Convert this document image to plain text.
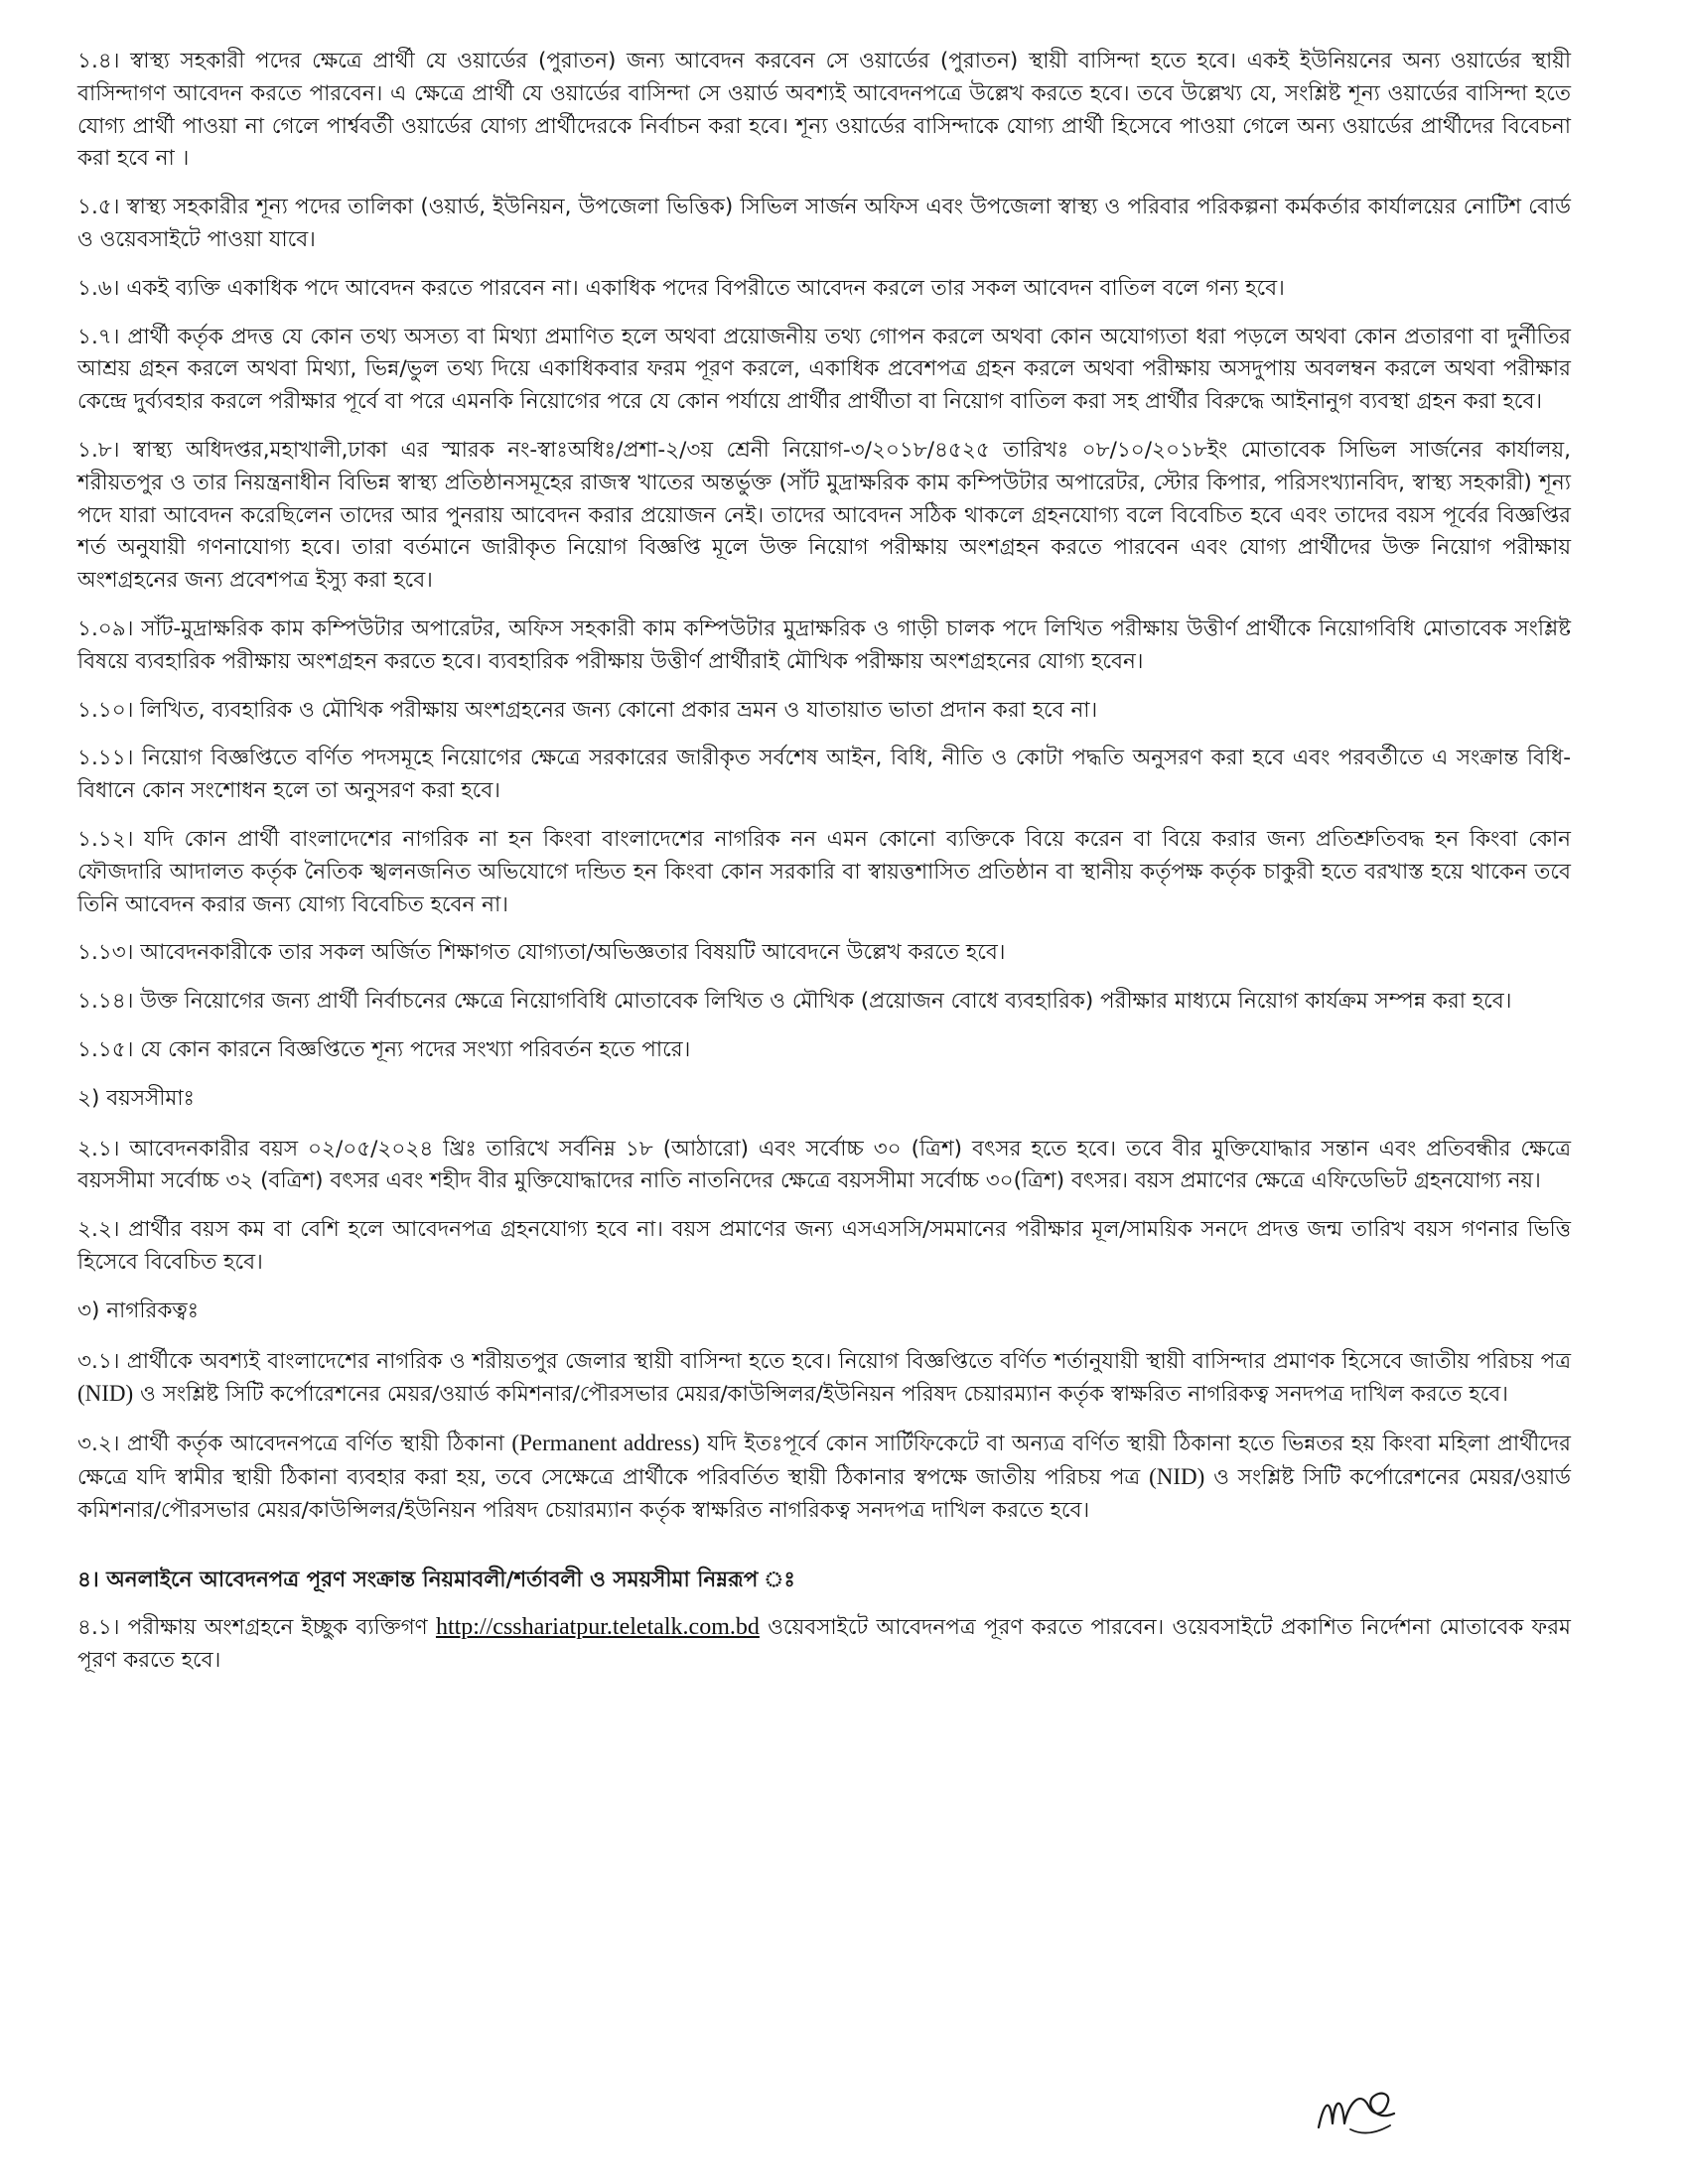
১.৪। স্বাস্থ্য সহকারী পদের ক্ষেত্রে প্রার্থী যে ওয়ার্ডের (পুরাতন) জন্য আবেদন করবেন সে ওয়ার্ডের (পুরাতন) স্থায়ী বাসিন্দা হতে হবে। একই ইউনিয়নের অন্য ওয়ার্ডের স্থায়ী বাসিন্দাগণ আবেদন করতে পারবেন। এ ক্ষেত্রে প্রার্থী যে ওয়ার্ডের বাসিন্দা সে ওয়ার্ড অবশ্যই আবেদনপত্রে উল্লেখ করতে হবে। তবে উল্লেখ্য যে, সংশ্লিষ্ট শূন্য ওয়ার্ডের বাসিন্দা হতে যোগ্য প্রার্থী পাওয়া না গেলে পার্শ্ববর্তী ওয়ার্ডের যোগ্য প্রার্থীদেরকে নির্বাচন করা হবে। শূন্য ওয়ার্ডের বাসিন্দাকে যোগ্য প্রার্থী হিসেবে পাওয়া গেলে অন্য ওয়ার্ডের প্রার্থীদের বিবেচনা করা হবে না ।

১.৫। স্বাস্থ্য সহকারীর শূন্য পদের তালিকা (ওয়ার্ড, ইউনিয়ন, উপজেলা ভিত্তিক) সিভিল সার্জন অফিস এবং উপজেলা স্বাস্থ্য ও পরিবার পরিকল্পনা কর্মকর্তার কার্যালয়ের নোটিশ বোর্ড ও ওয়েবসাইটে পাওয়া যাবে।

১.৬। একই ব্যক্তি একাধিক পদে আবেদন করতে পারবেন না। একাধিক পদের বিপরীতে আবেদন করলে তার সকল আবেদন বাতিল বলে গন্য হবে।

১.৭। প্রার্থী কর্তৃক প্রদত্ত যে কোন তথ্য অসত্য বা মিথ্যা প্রমাণিত হলে অথবা প্রয়োজনীয় তথ্য গোপন করলে অথবা কোন অযোগ্যতা ধরা পড়লে অথবা কোন প্রতারণা বা দুর্নীতির আশ্রয় গ্রহন করলে অথবা মিথ্যা, ভিন্ন/ভুল তথ্য দিয়ে একাধিকবার ফরম পূরণ করলে, একাধিক প্রবেশপত্র গ্রহন করলে অথবা পরীক্ষায় অসদুপায় অবলম্বন করলে অথবা পরীক্ষার কেন্দ্রে দুর্ব্যবহার করলে পরীক্ষার পূর্বে বা পরে এমনকি নিয়োগের পরে যে কোন পর্যায়ে প্রার্থীর প্রার্থীতা বা নিয়োগ বাতিল করা সহ প্রার্থীর বিরুদ্ধে আইনানুগ ব্যবস্থা গ্রহন করা হবে।

১.৮। স্বাস্থ্য অধিদপ্তর,মহাখালী,ঢাকা এর স্মারক নং-স্বাঃঅধিঃ/প্রশা-২/৩য় শ্রেনী নিয়োগ-৩/২০১৮/৪৫২৫ তারিখঃ ০৮/১০/২০১৮ইং মোতাবেক সিভিল সার্জনের কার্যালয়, শরীয়তপুর ও তার নিয়ন্ত্রনাধীন বিভিন্ন স্বাস্থ্য প্রতিষ্ঠানসমূহের রাজস্ব খাতের অন্তর্ভুক্ত (সাঁট মুদ্রাক্ষরিক কাম কম্পিউটার অপারেটর, স্টোর কিপার, পরিসংখ্যানবিদ, স্বাস্থ্য সহকারী) শূন্য পদে যারা আবেদন করেছিলেন তাদের আর পুনরায় আবেদন করার প্রয়োজন নেই। তাদের আবেদন সঠিক থাকলে গ্রহনযোগ্য বলে বিবেচিত হবে এবং তাদের বয়স পূর্বের বিজ্ঞপ্তির শর্ত অনুযায়ী গণনাযোগ্য হবে। তারা বর্তমানে জারীকৃত নিয়োগ বিজ্ঞপ্তি মূলে উক্ত নিয়োগ পরীক্ষায় অংশগ্রহন করতে পারবেন এবং যোগ্য প্রার্থীদের উক্ত নিয়োগ পরীক্ষায় অংশগ্রহনের জন্য প্রবেশপত্র ইস্যু করা হবে।

১.০৯। সাঁট-মুদ্রাক্ষরিক কাম কম্পিউটার অপারেটর, অফিস সহকারী কাম কম্পিউটার মুদ্রাক্ষরিক ও গাড়ী চালক পদে লিখিত পরীক্ষায় উত্তীর্ণ প্রার্থীকে নিয়োগবিধি মোতাবেক সংশ্লিষ্ট বিষয়ে ব্যবহারিক পরীক্ষায় অংশগ্রহন করতে হবে। ব্যবহারিক পরীক্ষায় উত্তীর্ণ প্রার্থীরাই মৌখিক পরীক্ষায় অংশগ্রহনের যোগ্য হবেন।

১.১০। লিখিত, ব্যবহারিক ও মৌখিক পরীক্ষায় অংশগ্রহনের জন্য কোনো প্রকার ভ্রমন ও যাতায়াত ভাতা প্রদান করা হবে না।

১.১১। নিয়োগ বিজ্ঞপ্তিতে বর্ণিত পদসমূহে নিয়োগের ক্ষেত্রে সরকারের জারীকৃত সর্বশেষ আইন, বিধি, নীতি ও কোটা পদ্ধতি অনুসরণ করা হবে এবং পরবর্তীতে এ সংক্রান্ত বিধি-বিধানে কোন সংশোধন হলে তা অনুসরণ করা হবে।

১.১২। যদি কোন প্রার্থী বাংলাদেশের নাগরিক না হন কিংবা বাংলাদেশের নাগরিক নন এমন কোনো ব্যক্তিকে বিয়ে করেন বা বিয়ে করার জন্য প্রতিশ্রুতিবদ্ধ হন কিংবা কোন ফৌজদারি আদালত কর্তৃক নৈতিক স্খলনজনিত অভিযোগে দন্ডিত হন কিংবা কোন সরকারি বা স্বায়ত্তশাসিত প্রতিষ্ঠান বা স্থানীয় কর্তৃপক্ষ কর্তৃক চাকুরী হতে বরখাস্ত হয়ে থাকেন তবে তিনি আবেদন করার জন্য যোগ্য বিবেচিত হবেন না।

১.১৩। আবেদনকারীকে তার সকল অর্জিত শিক্ষাগত যোগ্যতা/অভিজ্ঞতার বিষয়টি আবেদনে উল্লেখ করতে হবে।

১.১৪। উক্ত নিয়োগের জন্য প্রার্থী নির্বাচনের ক্ষেত্রে নিয়োগবিধি মোতাবেক লিখিত ও মৌখিক (প্রয়োজন বোধে ব্যবহারিক) পরীক্ষার মাধ্যমে নিয়োগ কার্যক্রম সম্পন্ন করা হবে।

১.১৫। যে কোন কারনে বিজ্ঞপ্তিতে শূন্য পদের সংখ্যা পরিবর্তন হতে পারে।

২) বয়সসীমাঃ

২.১। আবেদনকারীর বয়স ০২/০৫/২০২৪ খ্রিঃ তারিখে সর্বনিম্ন ১৮ (আঠারো) এবং সর্বোচ্চ ৩০ (ত্রিশ) বৎসর হতে হবে। তবে বীর মুক্তিযোদ্ধার সন্তান এবং প্রতিবন্ধীর ক্ষেত্রে বয়সসীমা সর্বোচ্চ ৩২ (বত্রিশ) বৎসর এবং শহীদ বীর মুক্তিযোদ্ধাদের নাতি নাতনিদের ক্ষেত্রে বয়সসীমা সর্বোচ্চ ৩০(ত্রিশ) বৎসর। বয়স প্রমাণের ক্ষেত্রে এফিডেভিট গ্রহনযোগ্য নয়।

২.২। প্রার্থীর বয়স কম বা বেশি হলে আবেদনপত্র গ্রহনযোগ্য হবে না। বয়স প্রমাণের জন্য এসএসসি/সমমানের পরীক্ষার মূল/সাময়িক সনদে প্রদত্ত জন্ম তারিখ বয়স গণনার ভিত্তি হিসেবে বিবেচিত হবে।

৩) নাগরিকত্বঃ

৩.১। প্রার্থীকে অবশ্যই বাংলাদেশের নাগরিক ও শরীয়তপুর জেলার স্থায়ী বাসিন্দা হতে হবে। নিয়োগ বিজ্ঞপ্তিতে বর্ণিত শর্তানুযায়ী স্থায়ী বাসিন্দার প্রমাণক হিসেবে জাতীয় পরিচয় পত্র (NID) ও সংশ্লিষ্ট সিটি কর্পোরেশনের মেয়র/ওয়ার্ড কমিশনার/পৌরসভার মেয়র/কাউন্সিলর/ইউনিয়ন পরিষদ চেয়ারম্যান কর্তৃক স্বাক্ষরিত নাগরিকত্ব সনদপত্র দাখিল করতে হবে।

৩.২। প্রার্থী কর্তৃক আবেদনপত্রে বর্ণিত স্থায়ী ঠিকানা (Permanent address) যদি ইতঃপূর্বে কোন সার্টিফিকেটে বা অন্যত্র বর্ণিত স্থায়ী ঠিকানা হতে ভিন্নতর হয় কিংবা মহিলা প্রার্থীদের ক্ষেত্রে যদি স্বামীর স্থায়ী ঠিকানা ব্যবহার করা হয়, তবে সেক্ষেত্রে প্রার্থীকে পরিবর্তিত স্থায়ী ঠিকানার স্বপক্ষে জাতীয় পরিচয় পত্র (NID) ও সংশ্লিষ্ট সিটি কর্পোরেশনের মেয়র/ওয়ার্ড কমিশনার/পৌরসভার মেয়র/কাউন্সিলর/ইউনিয়ন পরিষদ চেয়ারম্যান কর্তৃক স্বাক্ষরিত নাগরিকত্ব সনদপত্র দাখিল করতে হবে।

৪। অনলাইনে আবেদনপত্র পূরণ সংক্রান্ত নিয়মাবলী/শর্তাবলী ও সময়সীমা নিম্নরূপ ঃ

৪.১। পরীক্ষায় অংশগ্রহনে ইচ্ছুক ব্যক্তিগণ http://csshariatpur.teletalk.com.bd ওয়েবসাইটে আবেদনপত্র পূরণ করতে পারবেন। ওয়েবসাইটে প্রকাশিত নির্দেশনা মোতাবেক ফরম পূরণ করতে হবে।
